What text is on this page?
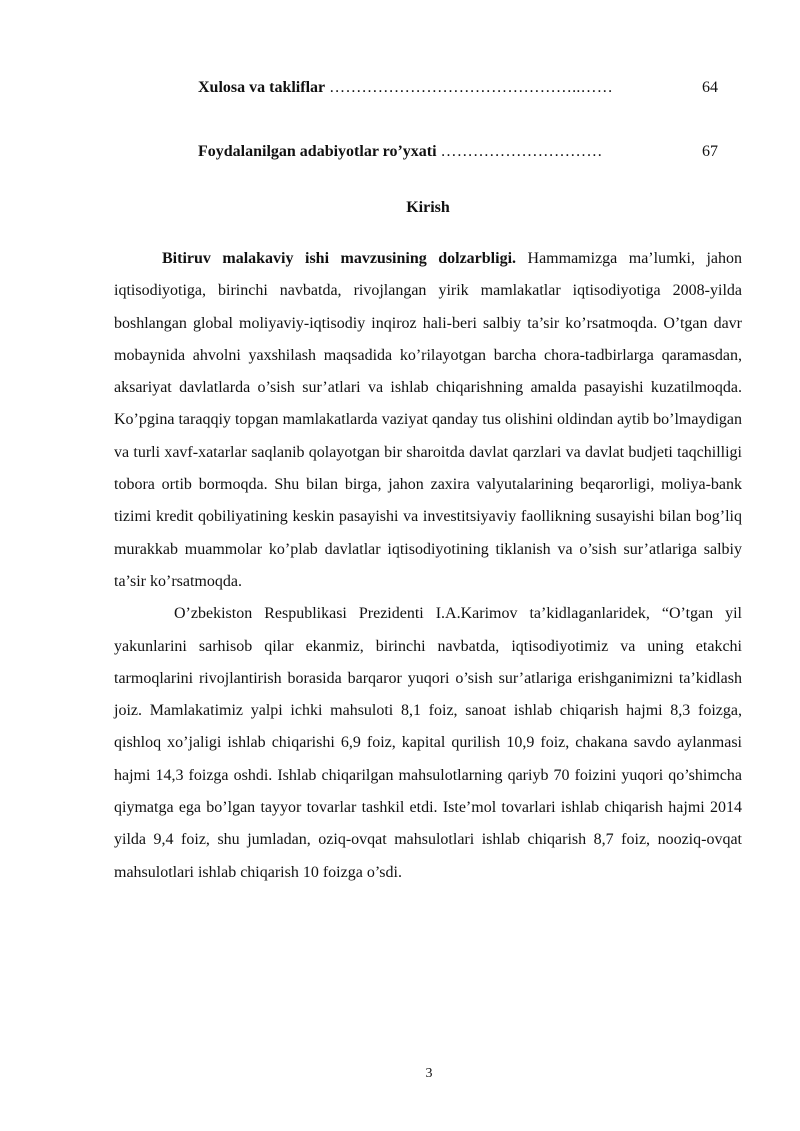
Xulosa va takliflar ………………………………………..……	64
Foydalanilgan adabiyotlar ro’yxati …………………………	67
Kirish

Bitiruv malakaviy ishi mavzusining dolzarbligi. Hammamizga ma’lumki, jahon iqtisodiyotiga, birinchi navbatda, rivojlangan yirik mamlakatlar iqtisodiyotiga 2008-yilda boshlangan global moliyaviy-iqtisodiy inqiroz hali-beri salbiy ta’sir ko’rsatmoqda. O’tgan davr mobaynida ahvolni yaxshilash maqsadida ko’rilayotgan barcha chora-tadbirlarga qaramasdan, aksariyat davlatlarda o’sish sur’atlari va ishlab chiqarishning amalda pasayishi kuzatilmoqda. Ko’pgina taraqqiy topgan mamlakatlarda vaziyat qanday tus olishini oldindan aytib bo’lmaydigan va turli xavf-xatarlar saqlanib qolayotgan bir sharoitda davlat qarzlari va davlat budjeti taqchilligi tobora ortib bormoqda. Shu bilan birga, jahon zaxira valyutalarining beqarorligi, moliya-bank tizimi kredit qobiliyatining keskin pasayishi va investitsiyaviy faollikning susayishi bilan bog’liq murakkab muammolar ko’plab davlatlar iqtisodiyotining tiklanish va o’sish sur’atlariga salbiy ta’sir ko’rsatmoqda.

O’zbekiston Respublikasi Prezidenti I.A.Karimov ta’kidlaganlaridek, “O’tgan yil yakunlarini sarhisob qilar ekanmiz, birinchi navbatda, iqtisodiyotimiz va uning etakchi tarmoqlarini rivojlantirish borasida barqaror yuqori o’sish sur’atlariga erishganimizni ta’kidlash joiz. Mamlakatimiz yalpi ichki mahsuloti 8,1 foiz, sanoat ishlab chiqarish hajmi 8,3 foizga, qishloq xo’jaligi ishlab chiqarishi 6,9 foiz, kapital qurilish 10,9 foiz, chakana savdo aylanmasi hajmi 14,3 foizga oshdi. Ishlab chiqarilgan mahsulotlarning qariyb 70 foizini yuqori qo’shimcha qiymatga ega bo’lgan tayyor tovarlar tashkil etdi. Iste’mol tovarlari ishlab chiqarish hajmi 2014 yilda 9,4 foiz, shu jumladan, oziq-ovqat mahsulotlari ishlab chiqarish 8,7 foiz, nooziq-ovqat mahsulotlari ishlab chiqarish 10 foizga o’sdi.

3
